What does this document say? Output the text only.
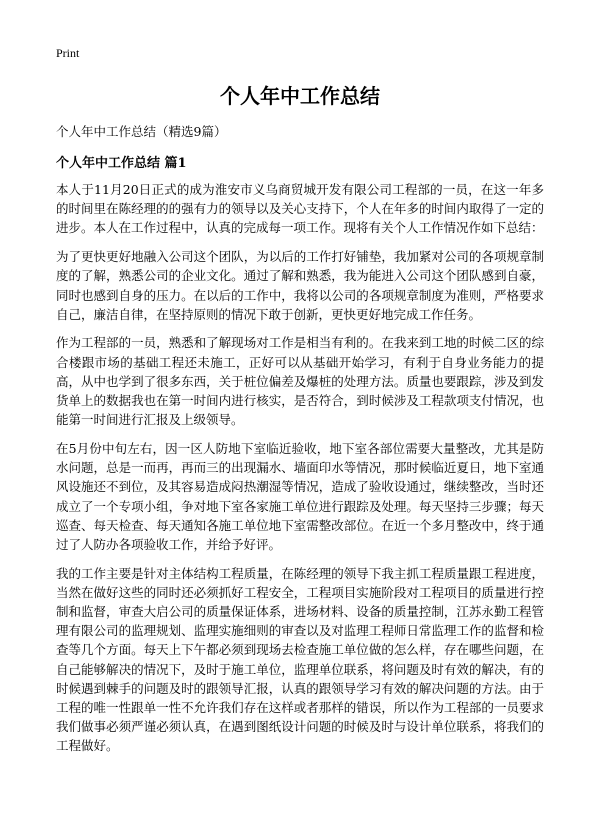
Print
个人年中工作总结
个人年中工作总结（精选9篇）
个人年中工作总结 篇1

本人于11月20日正式的成为淮安市义乌商贸城开发有限公司工程部的一员，在这一年多的时间里在陈经理的的强有力的领导以及关心支持下，个人在年多的时间内取得了一定的进步。本人在工作过程中，认真的完成每一项工作。现将有关个人工作情况作如下总结：

为了更快更好地融入公司这个团队，为以后的工作打好铺垫，我加紧对公司的各项规章制度的了解，熟悉公司的企业文化。通过了解和熟悉，我为能进入公司这个团队感到自豪，同时也感到自身的压力。在以后的工作中，我将以公司的各项规章制度为准则，严格要求自己，廉洁自律，在坚持原则的情况下敢于创新，更快更好地完成工作任务。

作为工程部的一员，熟悉和了解现场对工作是相当有利的。在我来到工地的时候二区的综合楼跟市场的基础工程还未施工，正好可以从基础开始学习，有利于自身业务能力的提高，从中也学到了很多东西，关于桩位偏差及爆桩的处理方法。质量也要跟踪，涉及到发货单上的数据我也在第一时间内进行核实，是否符合，到时候涉及工程款项支付情况，也能第一时间进行汇报及上级领导。

在5月份中旬左右，因一区人防地下室临近验收，地下室各部位需要大量整改，尤其是防水问题，总是一而再，再而三的出现漏水、墙面印水等情况，那时候临近夏日，地下室通风设施还不到位，及其容易造成闷热潮湿等情况，造成了验收设通过，继续整改，当时还成立了一个专项小组，争对地下室各家施工单位进行跟踪及处理。每天坚持三步骤；每天巡查、每天检查、每天通知各施工单位地下室需整改部位。在近一个多月整改中，终于通过了人防办各项验收工作，并给予好评。

我的工作主要是针对主体结构工程质量，在陈经理的领导下我主抓工程质量跟工程进度，当然在做好这些的同时还必须抓好工程安全，工程项目实施阶段对工程项目的质量进行控制和监督，审查大启公司的质量保证体系，进场材料、设备的质量控制，江苏永勤工程管理有限公司的监理规划、监理实施细则的审查以及对监理工程师日常监理工作的监督和检查等几个方面。每天上下午都必须到现场去检查施工单位做的怎么样，存在哪些问题，在自己能够解决的情况下，及时于施工单位，监理单位联系，将问题及时有效的解决，有的时候遇到棘手的问题及时的跟领导汇报，认真的跟领导学习有效的解决问题的方法。由于工程的唯一性跟单一性不允许我们存在这样或者那样的错误，所以作为工程部的一员要求我们做事必须严谨必须认真，在遇到图纸设计问题的时候及时与设计单位联系，将我们的工程做好。
